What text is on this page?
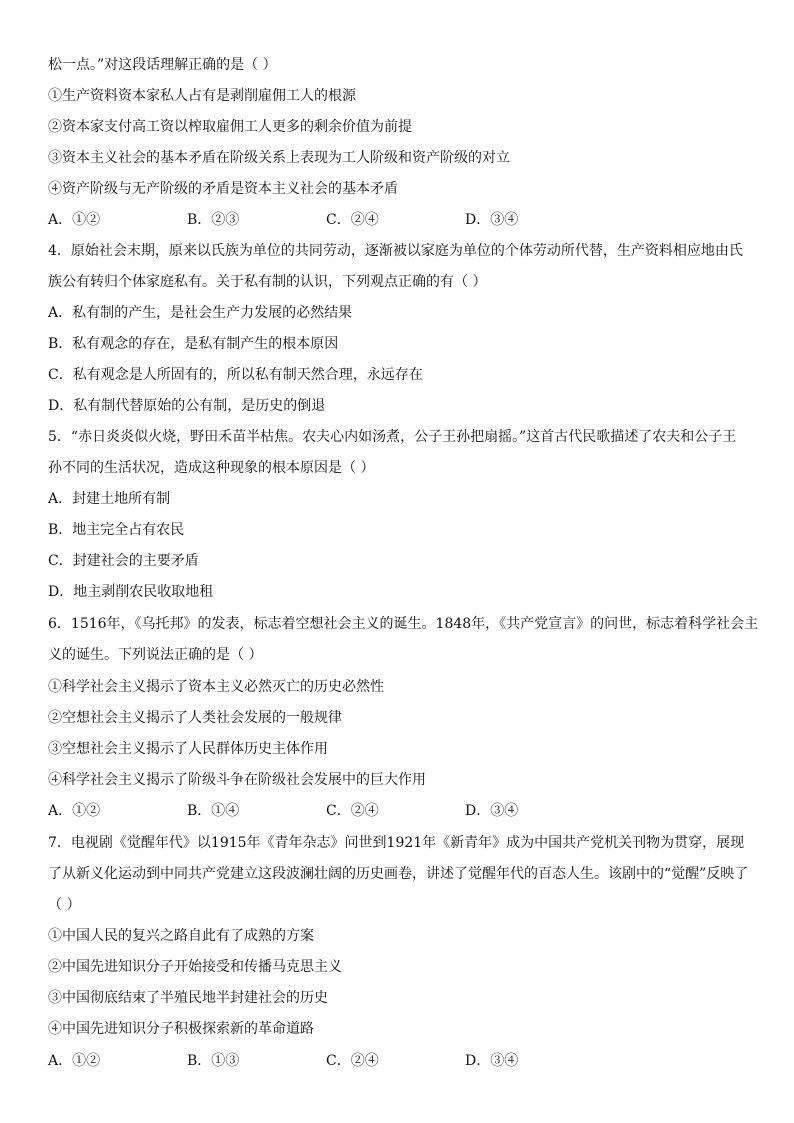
松一点。”对这段话理解正确的是（ ）
①生产资料资本家私人占有是剥削雇佣工人的根源
②资本家支付高工资以榨取雇佣工人更多的剩余价值为前提
③资本主义社会的基本矛盾在阶级关系上表现为工人阶级和资产阶级的对立
④资产阶级与无产阶级的矛盾是资本主义社会的基本矛盾
A．①②	B．②③	C．②④	D．③④
4．原始社会末期，原来以氏族为单位的共同劳动，逐渐被以家庭为单位的个体劳动所代替，生产资料相应地由氏
族公有转归个体家庭私有。关于私有制的认识，下列观点正确的有（ ）
A．私有制的产生，是社会生产力发展的必然结果
B．私有观念的存在，是私有制产生的根本原因
C．私有观念是人所固有的，所以私有制天然合理，永远存在
D．私有制代替原始的公有制，是历史的倒退
5．“赤日炎炎似火烧，野田禾苗半枯焦。农夫心内如汤煮，公子王孙把扇摇。”这首古代民歌描述了农夫和公子王
孙不同的生活状况，造成这种现象的根本原因是（ ）
A．封建土地所有制
B．地主完全占有农民
C．封建社会的主要矛盾
D．地主剥削农民收取地租
6．1516年，《乌托邦》的发表，标志着空想社会主义的诞生。1848年，《共产党宣言》的问世，标志着科学社会主
义的诞生。下列说法正确的是（ ）
①科学社会主义揭示了资本主义必然灭亡的历史必然性
②空想社会主义揭示了人类社会发展的一般规律
③空想社会主义揭示了人民群体历史主体作用
④科学社会主义揭示了阶级斗争在阶级社会发展中的巨大作用
A．①②	B．①④	C．②④	D．③④
7．电视剧《觉醒年代》以1915年《青年杂志》问世到1921年《新青年》成为中国共产党机关刊物为贯穿，展现
了从新义化运动到中同共产党建立这段波澜壮阔的历史画卷，讲述了觉醒年代的百态人生。该剧中的“觉醒”反映了
（ ）
①中国人民的复兴之路自此有了成熟的方案
②中国先进知识分子开始接受和传播马克思主义
③中国彻底结束了半殖民地半封建社会的历史
④中国先进知识分子积极探索新的革命道路
A．①②	B．①③	C．②④	D．③④
